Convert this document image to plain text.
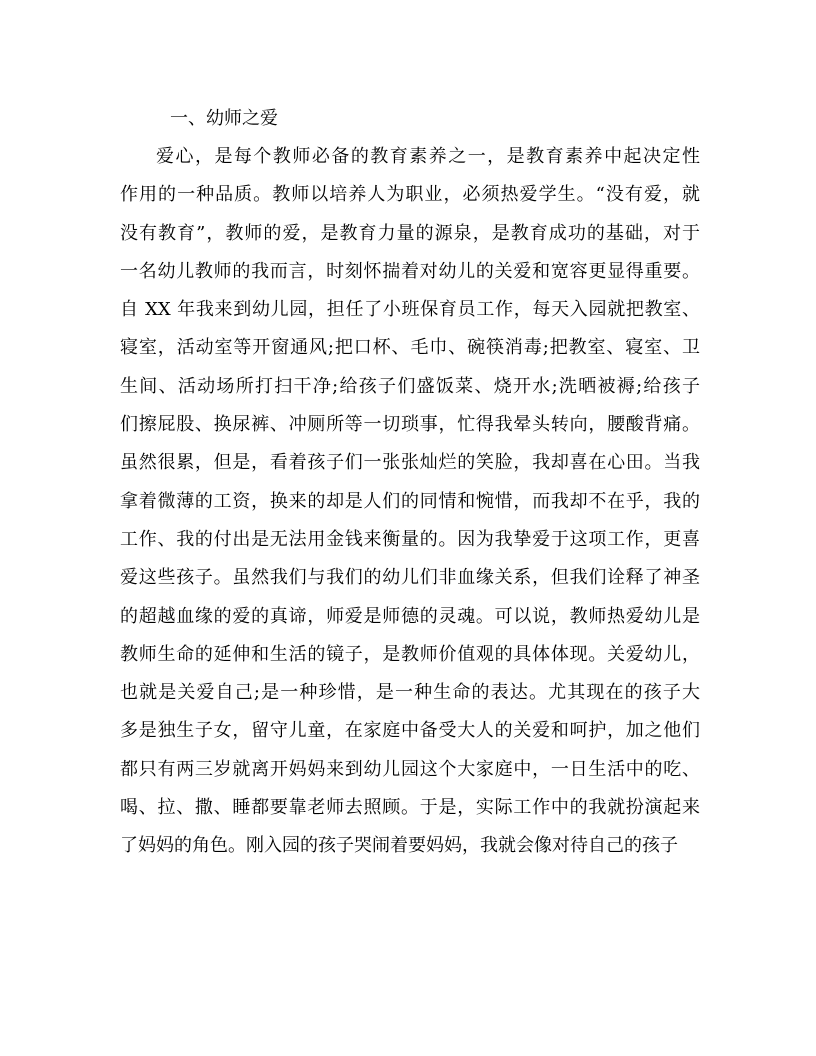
一、幼师之爱
爱心，是每个教师必备的教育素养之一，是教育素养中起决定性
作用的一种品质。教师以培养人为职业，必须热爱学生。“没有爱，就
没有教育”，教师的爱，是教育力量的源泉，是教育成功的基础，对于
一名幼儿教师的我而言，时刻怀揣着对幼儿的关爱和宽容更显得重要。
自 XX 年我来到幼儿园，担任了小班保育员工作，每天入园就把教室、
寝室，活动室等开窗通风;把口杯、毛巾、碗筷消毒;把教室、寝室、卫
生间、活动场所打扫干净;给孩子们盛饭菜、烧开水;洗晒被褥;给孩子
们擦屁股、换尿裤、冲厕所等一切琐事，忙得我晕头转向，腰酸背痛。
虽然很累，但是，看着孩子们一张张灿烂的笑脸，我却喜在心田。当我
拿着微薄的工资，换来的却是人们的同情和惋惜，而我却不在乎，我的
工作、我的付出是无法用金钱来衡量的。因为我挚爱于这项工作，更喜
爱这些孩子。虽然我们与我们的幼儿们非血缘关系，但我们诠释了神圣
的超越血缘的爱的真谛，师爱是师德的灵魂。可以说，教师热爱幼儿是
教师生命的延伸和生活的镜子，是教师价值观的具体体现。关爱幼儿，
也就是关爱自己;是一种珍惜，是一种生命的表达。尤其现在的孩子大
多是独生子女，留守儿童，在家庭中备受大人的关爱和呵护，加之他们
都只有两三岁就离开妈妈来到幼儿园这个大家庭中，一日生活中的吃、
喝、拉、撒、睡都要靠老师去照顾。于是，实际工作中的我就扮演起来
了妈妈的角色。刚入园的孩子哭闹着要妈妈，我就会像对待自己的孩子
